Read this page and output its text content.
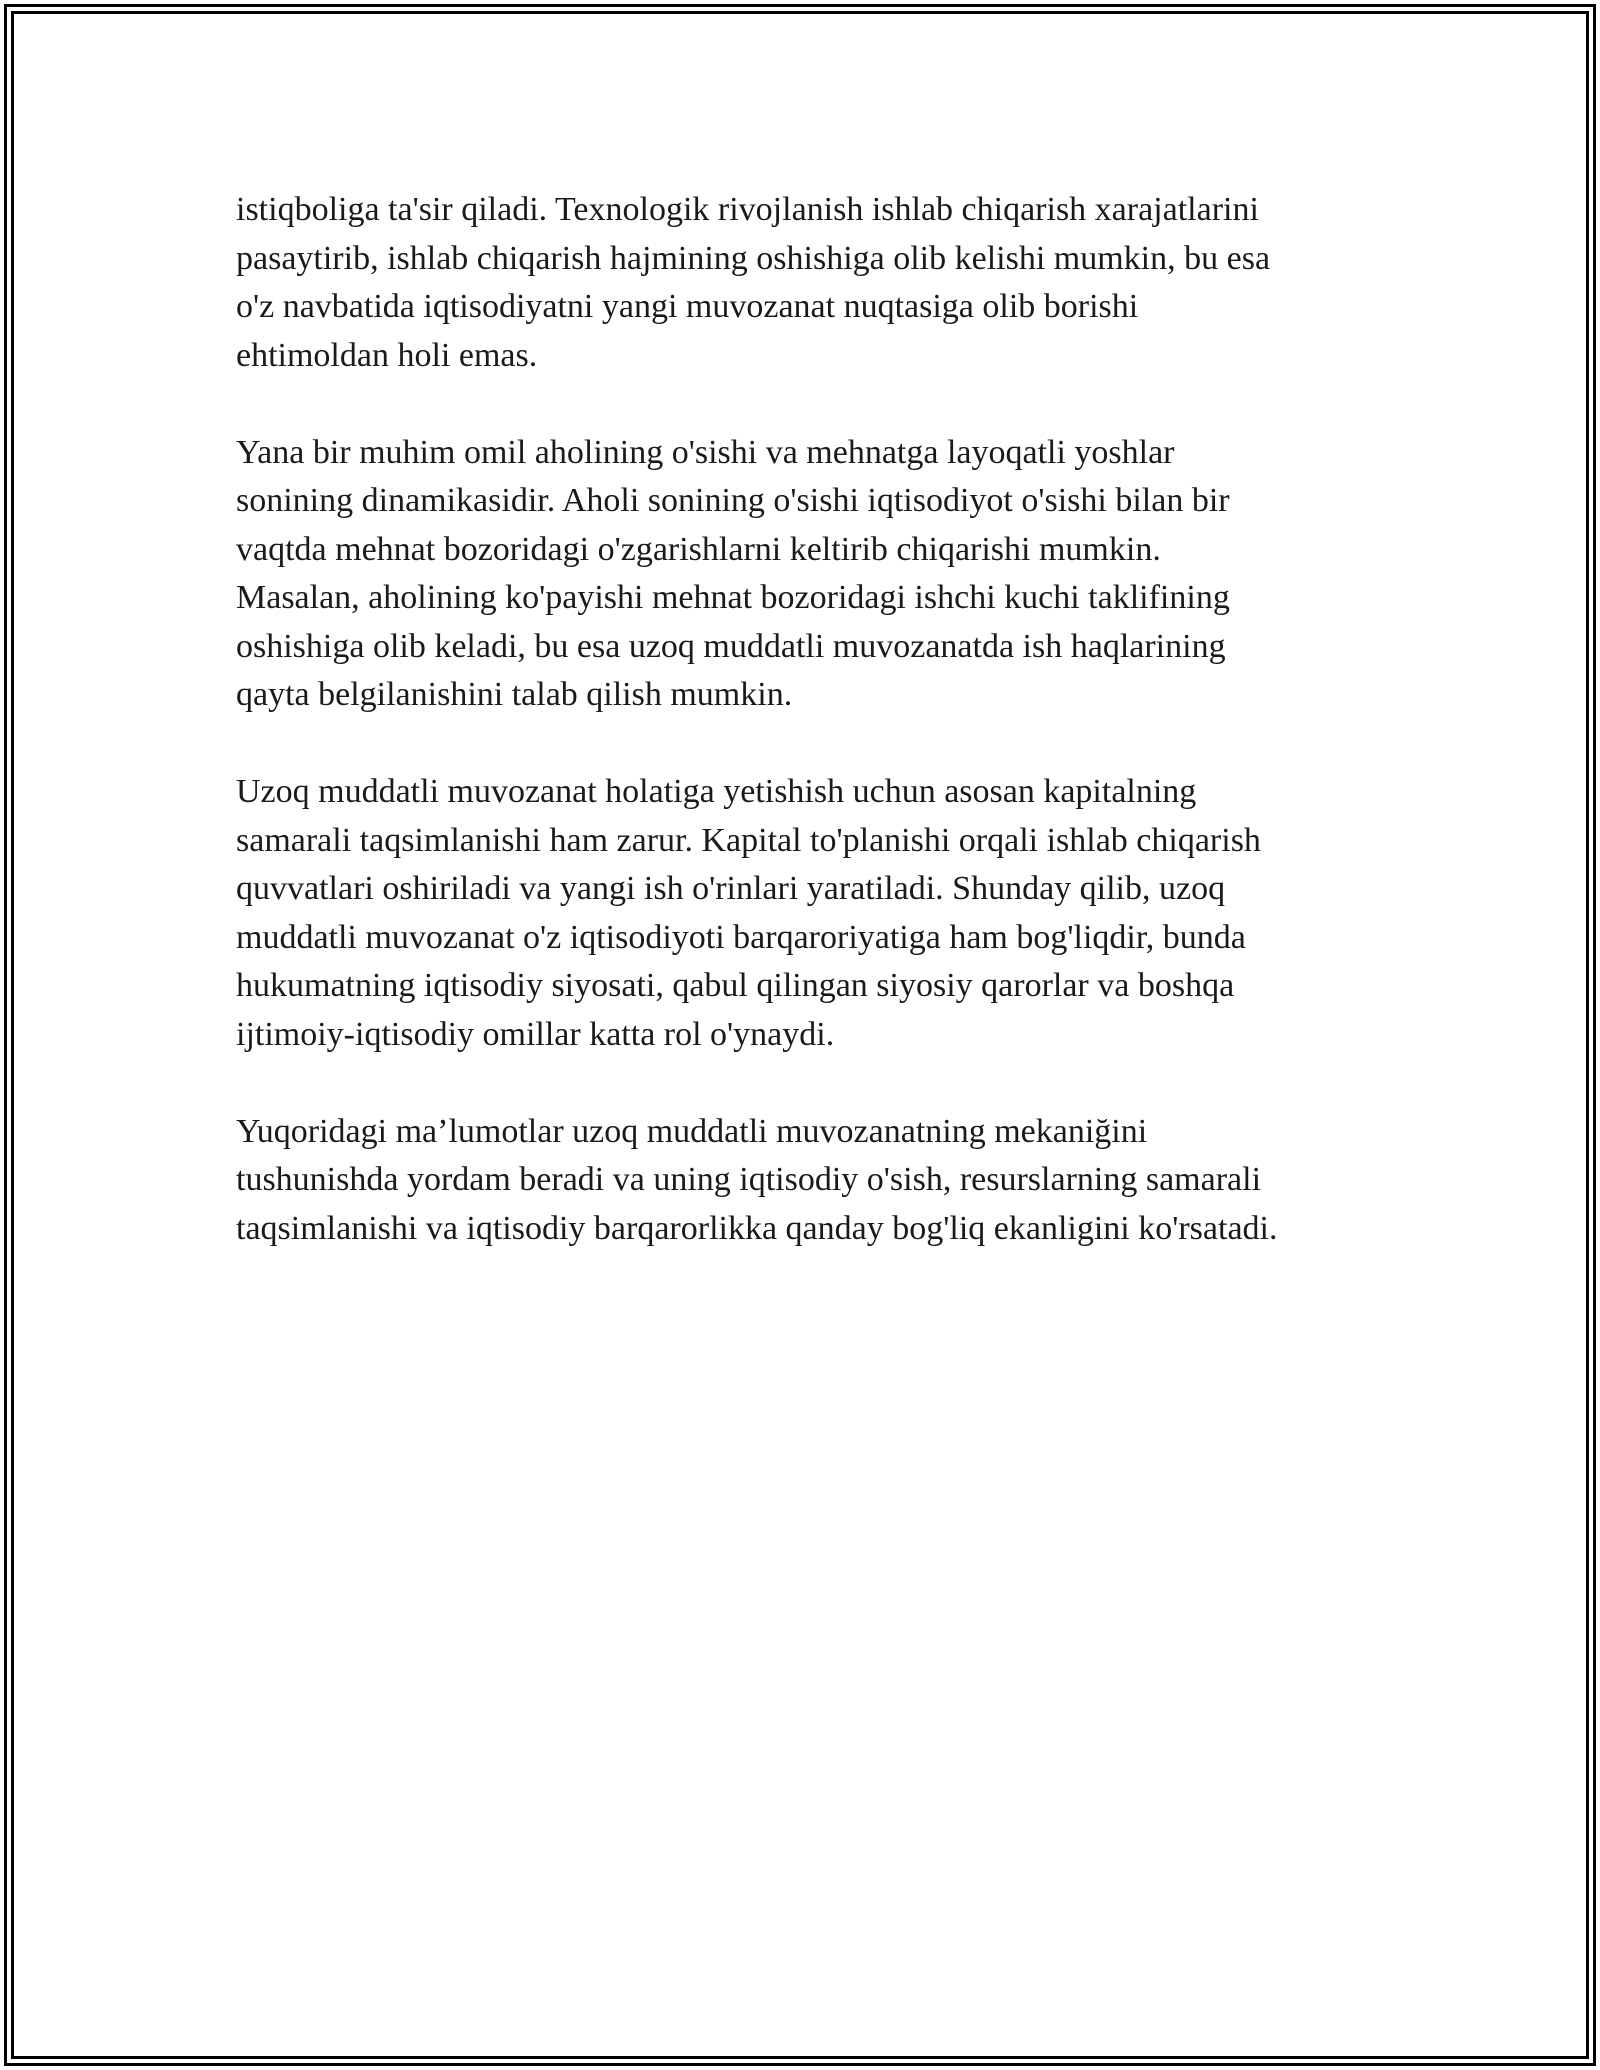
istiqboliga ta'sir qiladi. Texnologik rivojlanish ishlab chiqarish xarajatlarini
pasaytirib, ishlab chiqarish hajmining oshishiga olib kelishi mumkin, bu esa
o'z navbatida iqtisodiyatni yangi muvozanat nuqtasiga olib borishi
ehtimoldan holi emas.

Yana bir muhim omil aholining o'sishi va mehnatga layoqatli yoshlar
sonining dinamikasidir. Aholi sonining o'sishi iqtisodiyot o'sishi bilan bir
vaqtda mehnat bozoridagi o'zgarishlarni keltirib chiqarishi mumkin.
Masalan, aholining ko'payishi mehnat bozoridagi ishchi kuchi taklifining
oshishiga olib keladi, bu esa uzoq muddatli muvozanatda ish haqlarining
qayta belgilanishini talab qilish mumkin.

Uzoq muddatli muvozanat holatiga yetishish uchun asosan kapitalning
samarali taqsimlanishi ham zarur. Kapital to'planishi orqali ishlab chiqarish
quvvatlari oshiriladi va yangi ish o'rinlari yaratiladi. Shunday qilib, uzoq
muddatli muvozanat o'z iqtisodiyoti barqaroriyatiga ham bog'liqdir, bunda
hukumatning iqtisodiy siyosati, qabul qilingan siyosiy qarorlar va boshqa
ijtimoiy-iqtisodiy omillar katta rol o'ynaydi.

Yuqoridagi ma’lumotlar uzoq muddatli muvozanatning mekaniğini
tushunishda yordam beradi va uning iqtisodiy o'sish, resurslarning samarali
taqsimlanishi va iqtisodiy barqarorlikka qanday bog'liq ekanligini ko'rsatadi.
